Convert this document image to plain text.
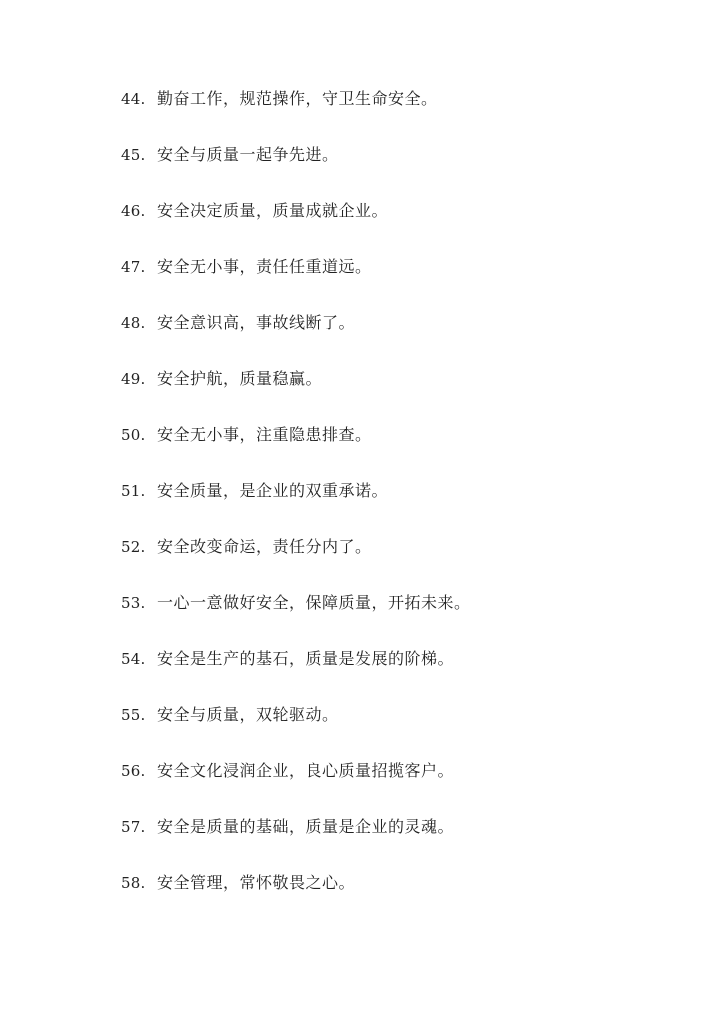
44. 勤奋工作，规范操作，守卫生命安全。
45. 安全与质量一起争先进。
46. 安全决定质量，质量成就企业。
47. 安全无小事，责任任重道远。
48. 安全意识高，事故线断了。
49. 安全护航，质量稳赢。
50. 安全无小事，注重隐患排查。
51. 安全质量，是企业的双重承诺。
52. 安全改变命运，责任分内了。
53. 一心一意做好安全，保障质量，开拓未来。
54. 安全是生产的基石，质量是发展的阶梯。
55. 安全与质量，双轮驱动。
56. 安全文化浸润企业，良心质量招揽客户。
57. 安全是质量的基础，质量是企业的灵魂。
58. 安全管理，常怀敬畏之心。
